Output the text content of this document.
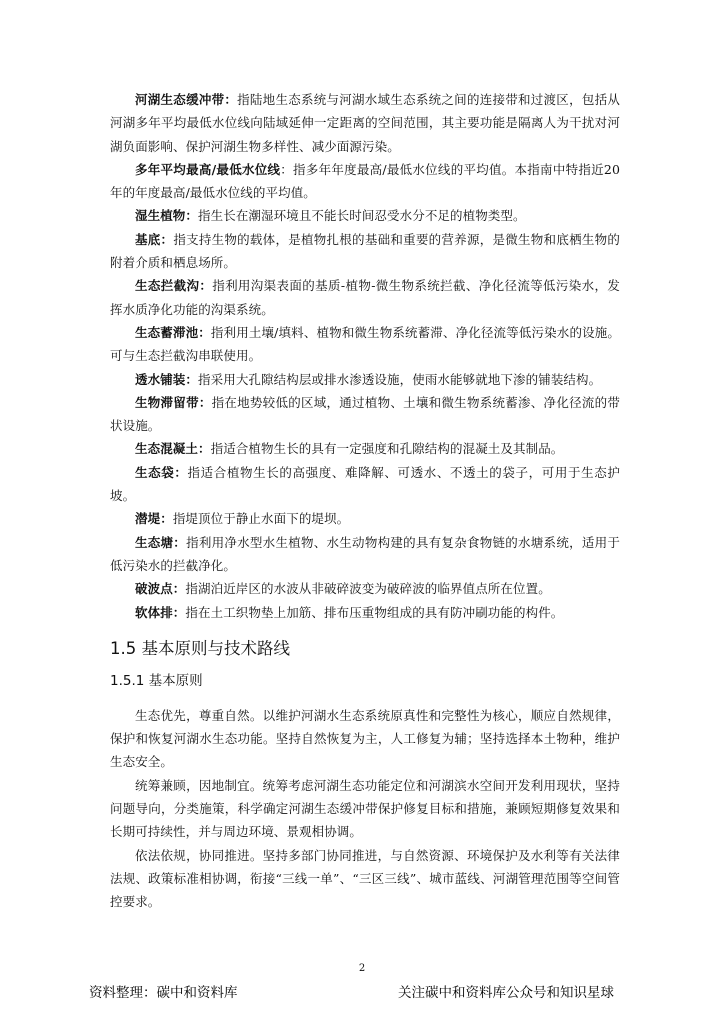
河湖生态缓冲带：指陆地生态系统与河湖水域生态系统之间的连接带和过渡区，包括从河湖多年平均最低水位线向陆域延伸一定距离的空间范围，其主要功能是隔离人为干扰对河湖负面影响、保护河湖生物多样性、减少面源污染。

多年平均最高/最低水位线：指多年年度最高/最低水位线的平均值。本指南中特指近20年的年度最高/最低水位线的平均值。

湿生植物：指生长在潮湿环境且不能长时间忍受水分不足的植物类型。

基底：指支持生物的载体，是植物扎根的基础和重要的营养源，是微生物和底栖生物的附着介质和栖息场所。

生态拦截沟：指利用沟渠表面的基质-植物-微生物系统拦截、净化径流等低污染水，发挥水质净化功能的沟渠系统。

生态蓄滞池：指利用土壤/填料、植物和微生物系统蓄滞、净化径流等低污染水的设施。可与生态拦截沟串联使用。

透水铺装：指采用大孔隙结构层或排水渗透设施，使雨水能够就地下渗的铺装结构。

生物滞留带：指在地势较低的区域，通过植物、土壤和微生物系统蓄渗、净化径流的带状设施。

生态混凝土：指适合植物生长的具有一定强度和孔隙结构的混凝土及其制品。

生态袋：指适合植物生长的高强度、难降解、可透水、不透土的袋子，可用于生态护坡。

潜堤：指堤顶位于静止水面下的堤坝。

生态塘：指利用净水型水生植物、水生动物构建的具有复杂食物链的水塘系统，适用于低污染水的拦截净化。

破波点：指湖泊近岸区的水波从非破碎波变为破碎波的临界值点所在位置。

软体排：指在土工织物垫上加筋、排布压重物组成的具有防冲刷功能的构件。

1.5 基本原则与技术路线
1.5.1 基本原则

生态优先，尊重自然。以维护河湖水生态系统原真性和完整性为核心，顺应自然规律，保护和恢复河湖水生态功能。坚持自然恢复为主，人工修复为辅；坚持选择本土物种，维护生态安全。

统筹兼顾，因地制宜。统筹考虑河湖生态功能定位和河湖滨水空间开发利用现状，坚持问题导向，分类施策，科学确定河湖生态缓冲带保护修复目标和措施，兼顾短期修复效果和长期可持续性，并与周边环境、景观相协调。

依法依规，协同推进。坚持多部门协同推进，与自然资源、环境保护及水利等有关法律法规、政策标准相协调，衔接“三线一单”、“三区三线”、城市蓝线、河湖管理范围等空间管控要求。

2
资料整理：碳中和资料库	关注碳中和资料库公众号和知识星球
